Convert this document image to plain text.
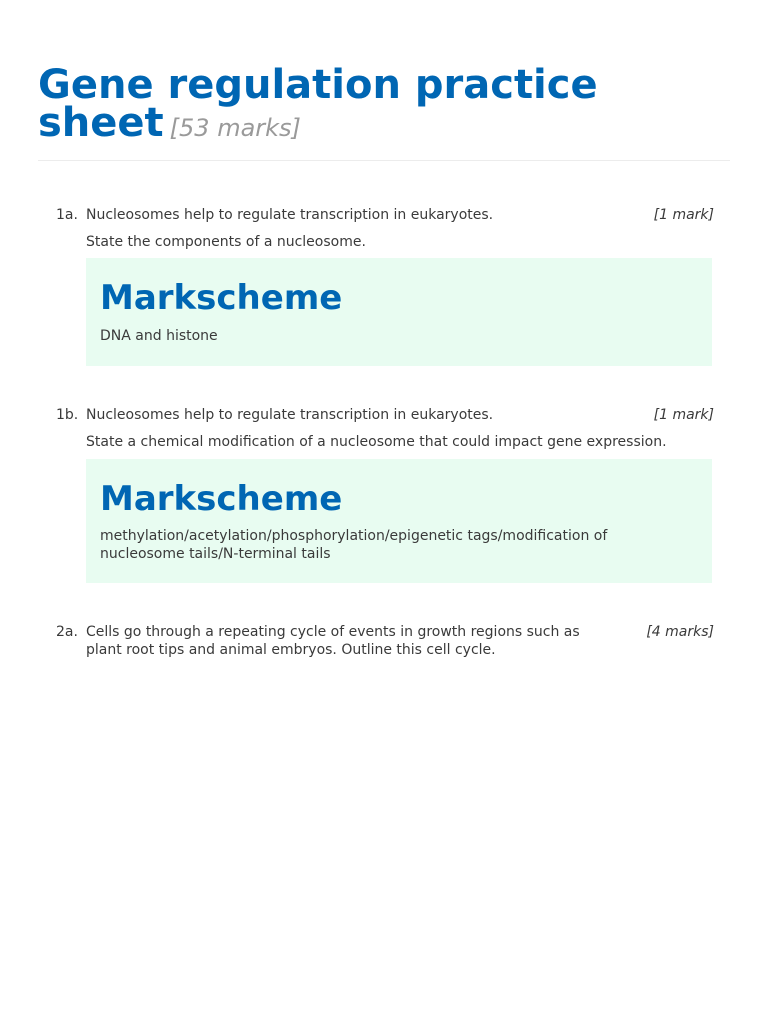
Gene regulation practice
sheet [53 marks]
1a. Nucleosomes help to regulate transcription in eukaryotes.	[1 mark]
State the components of a nucleosome.
Markscheme
DNA and histone
1b. Nucleosomes help to regulate transcription in eukaryotes.	[1 mark]
State a chemical modification of a nucleosome that could impact gene expression.
Markscheme
methylation/acetylation/phosphorylation/epigenetic tags/modification of nucleosome tails/N-terminal tails
2a. Cells go through a repeating cycle of events in growth regions such as plant root tips and animal embryos. Outline this cell cycle.
[4 marks]
